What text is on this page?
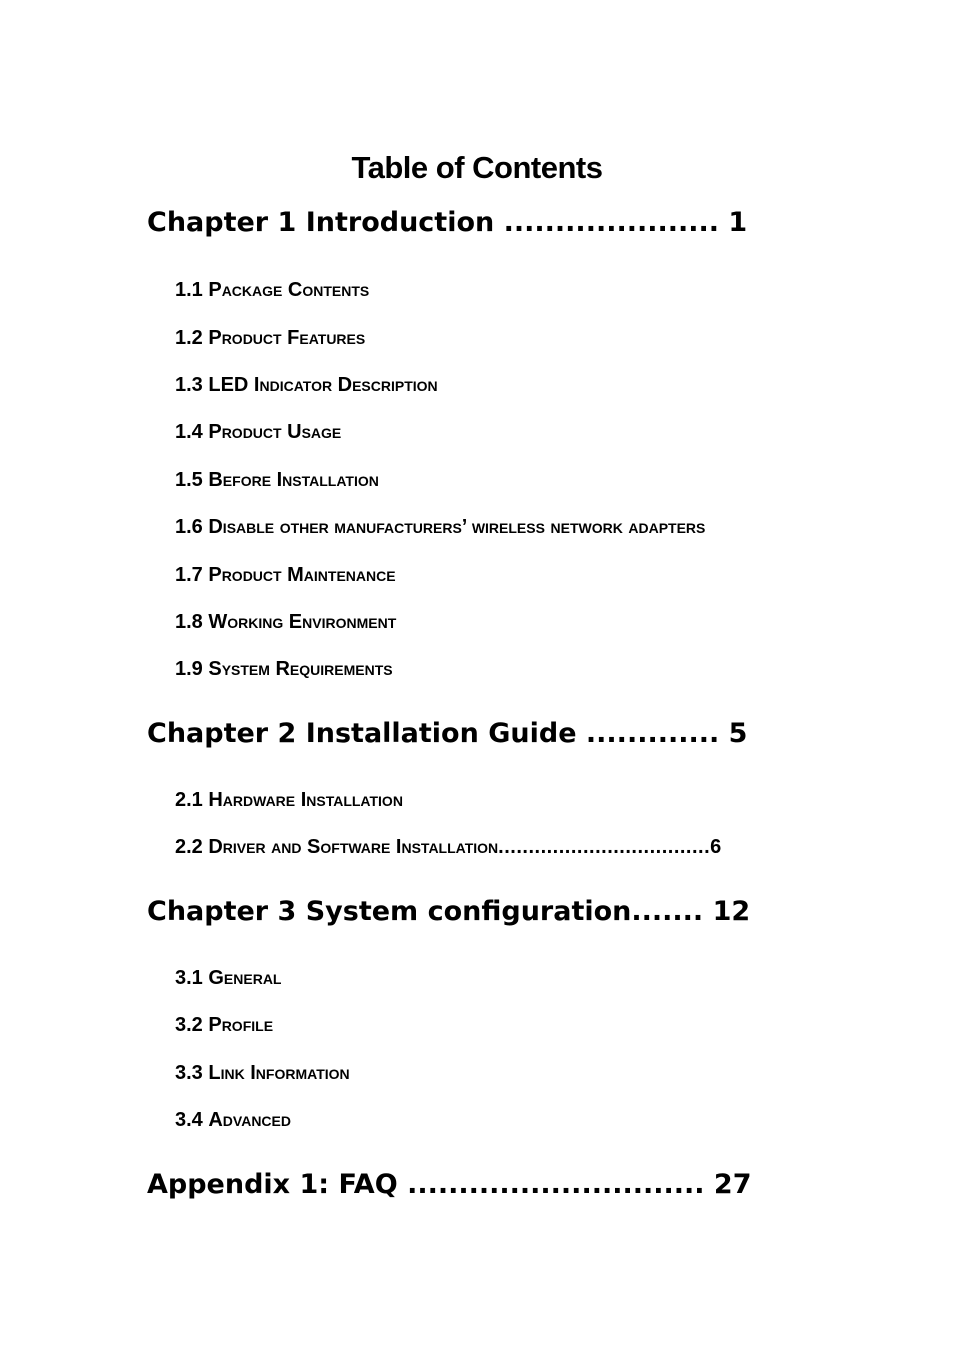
Table of Contents
Chapter 1 Introduction ..................... 1
1.1 Package Contents
1.2 Product Features
1.3 LED Indicator Description
1.4 Product Usage
1.5 Before Installation
1.6 Disable other manufacturers’ wireless network adapters
1.7 Product Maintenance
1.8 Working Environment
1.9 System Requirements
Chapter 2 Installation Guide ............. 5
2.1 Hardware Installation
2.2 Driver and Software Installation...................................6
Chapter 3 System configuration....... 12
3.1 General
3.2 Profile
3.3 Link Information
3.4 Advanced
Appendix 1: FAQ ............................. 27
